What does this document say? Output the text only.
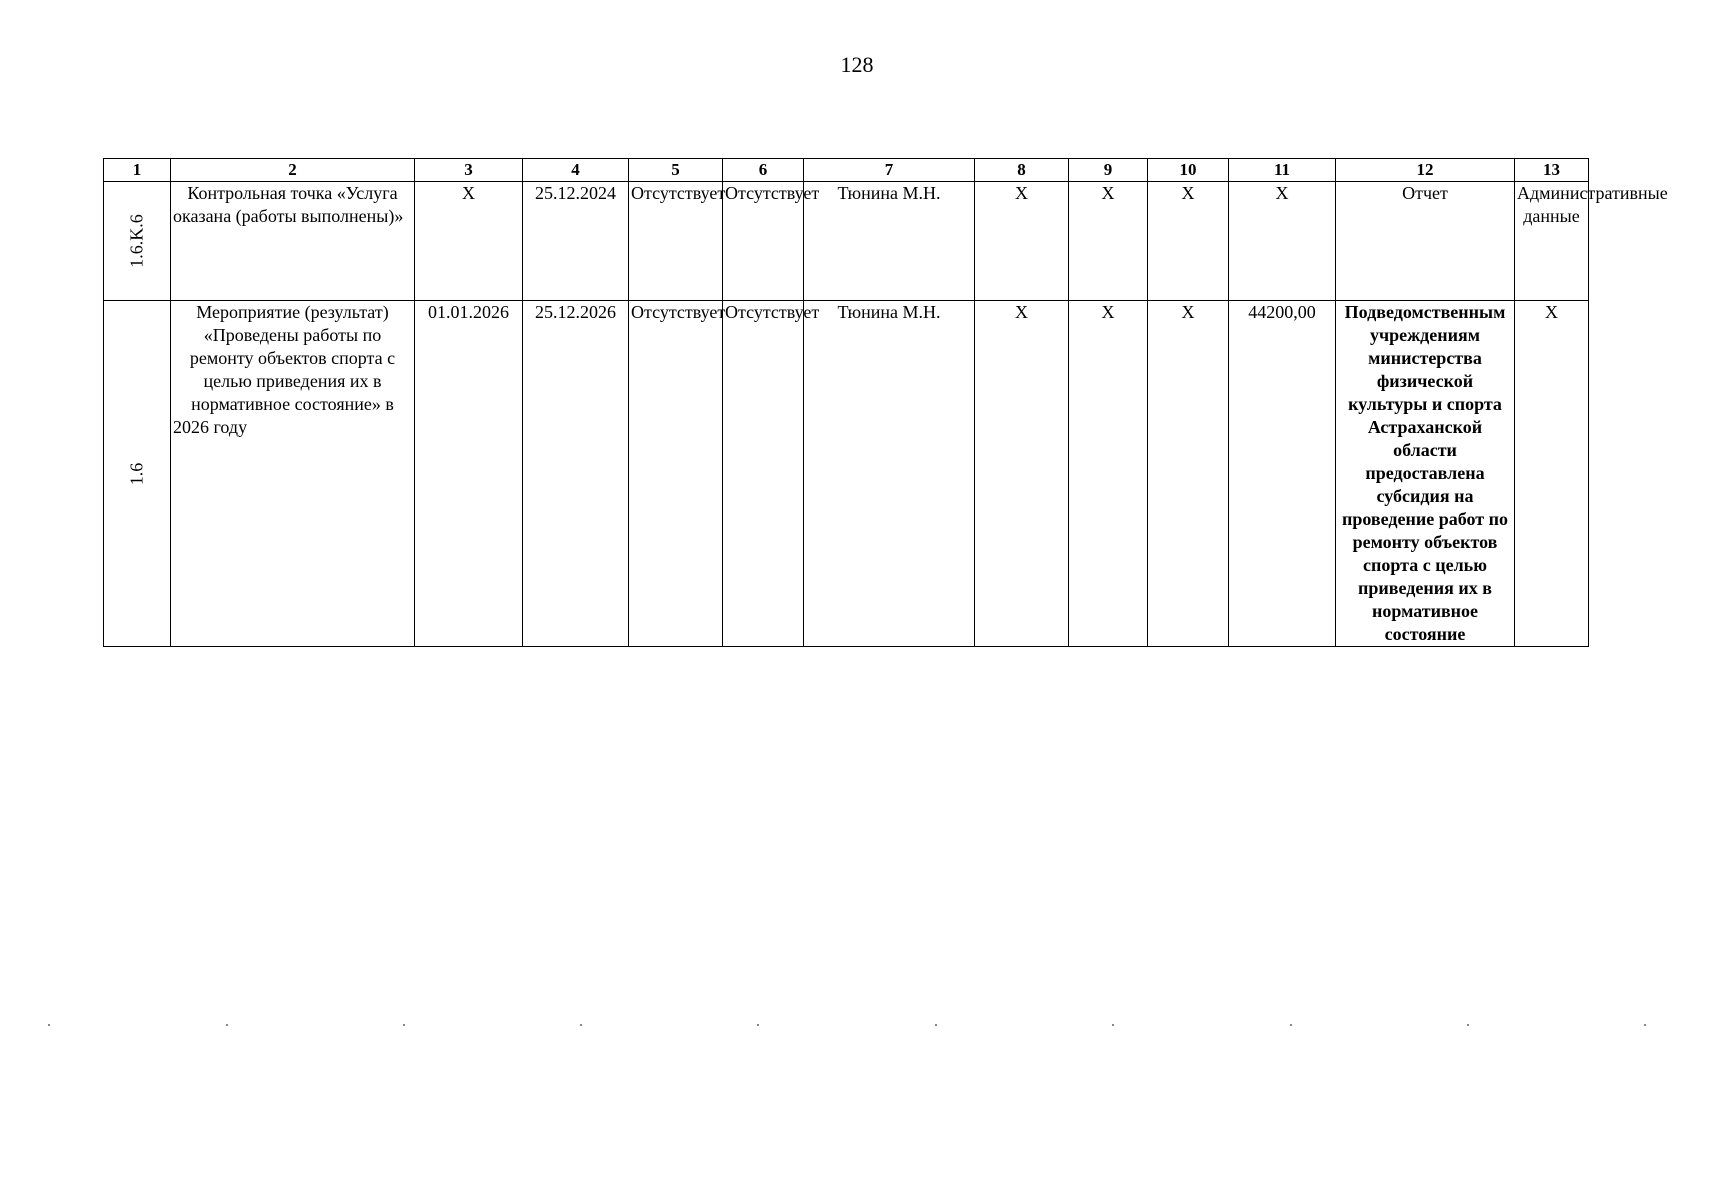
128
1	2	3	4	5	6	7	8	9	10	11	12	13

1.6.K.6	Контрольная точка «Услуга оказана (работы выполнены)»	X	25.12.2024	Отсутствует	Отсутствует	Тюнина М.Н.	X	X	X	X	Отчет	Административные данные

1.6	Мероприятие (результат) «Проведены работы по ремонту объектов спорта с целью приведения их в нормативное состояние» в 2026 году	01.01.2026	25.12.2026	Отсутствует	Отсутствует	Тюнина М.Н.	X	X	X	44200,00	Подведомственным учреждениям министерства физической культуры и спорта Астраханской области предоставлена субсидия на проведение работ по ремонту объектов спорта с целью приведения их в нормативное состояние	X
